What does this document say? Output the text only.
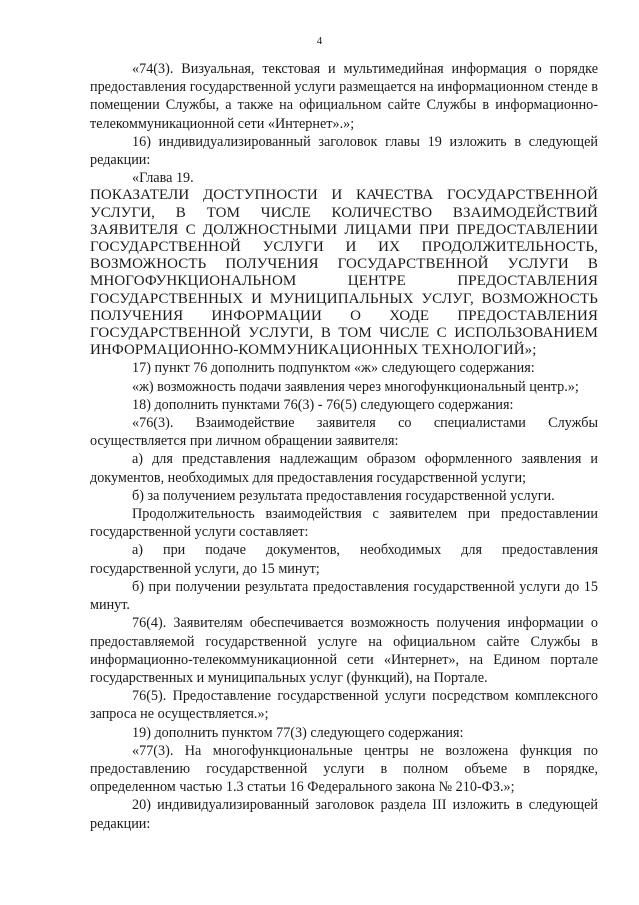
4

«74(3). Визуальная, текстовая и мультимедийная информация о порядке предоставления государственной услуги размещается на информационном стенде в помещении Службы, а также на официальном сайте Службы в информационно-телекоммуникационной сети «Интернет».»;

16) индивидуализированный заголовок главы 19 изложить в следующей редакции:

«Глава 19.

ПОКАЗАТЕЛИ ДОСТУПНОСТИ И КАЧЕСТВА ГОСУДАРСТВЕННОЙ УСЛУГИ, В ТОМ ЧИСЛЕ КОЛИЧЕСТВО ВЗАИМОДЕЙСТВИЙ ЗАЯВИТЕЛЯ С ДОЛЖНОСТНЫМИ ЛИЦАМИ ПРИ ПРЕДОСТАВЛЕНИИ ГОСУДАРСТВЕННОЙ УСЛУГИ И ИХ ПРОДОЛЖИТЕЛЬНОСТЬ, ВОЗМОЖНОСТЬ ПОЛУЧЕНИЯ ГОСУДАРСТВЕННОЙ УСЛУГИ В МНОГОФУНКЦИОНАЛЬНОМ ЦЕНТРЕ ПРЕДОСТАВЛЕНИЯ ГОСУДАРСТВЕННЫХ И МУНИЦИПАЛЬНЫХ УСЛУГ, ВОЗМОЖНОСТЬ ПОЛУЧЕНИЯ ИНФОРМАЦИИ О ХОДЕ ПРЕДОСТАВЛЕНИЯ ГОСУДАРСТВЕННОЙ УСЛУГИ, В ТОМ ЧИСЛЕ С ИСПОЛЬЗОВАНИЕМ ИНФОРМАЦИОННО-КОММУНИКАЦИОННЫХ ТЕХНОЛОГИЙ»;

17) пункт 76 дополнить подпунктом «ж» следующего содержания:

«ж) возможность подачи заявления через многофункциональный центр.»;

18) дополнить пунктами 76(3) - 76(5) следующего содержания:

«76(3). Взаимодействие заявителя со специалистами Службы осуществляется при личном обращении заявителя:

а) для представления надлежащим образом оформленного заявления и документов, необходимых для предоставления государственной услуги;

б) за получением результата предоставления государственной услуги.

Продолжительность взаимодействия с заявителем при предоставлении государственной услуги составляет:

а) при подаче документов, необходимых для предоставления государственной услуги, до 15 минут;

б) при получении результата предоставления государственной услуги до 15 минут.

76(4). Заявителям обеспечивается возможность получения информации о предоставляемой государственной услуге на официальном сайте Службы в информационно-телекоммуникационной сети «Интернет», на Едином портале государственных и муниципальных услуг (функций), на Портале.

76(5). Предоставление государственной услуги посредством комплексного запроса не осуществляется.»;

19) дополнить пунктом 77(3) следующего содержания:

«77(3). На многофункциональные центры не возложена функция по предоставлению государственной услуги в полном объеме в порядке, определенном частью 1.3 статьи 16 Федерального закона № 210-ФЗ.»;

20) индивидуализированный заголовок раздела III изложить в следующей редакции:
